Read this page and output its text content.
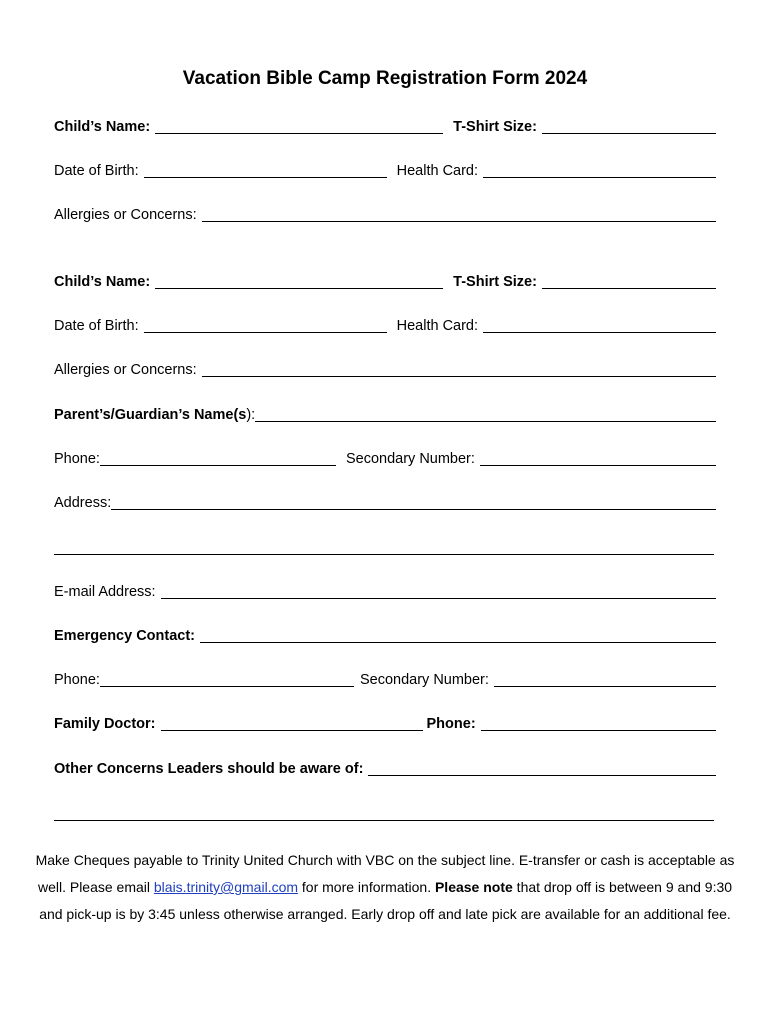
Vacation Bible Camp Registration Form 2024
Child’s Name:	T-Shirt Size:
Date of Birth:	Health Card:
Allergies or Concerns:
Child’s Name:	T-Shirt Size:
Date of Birth:	Health Card:
Allergies or Concerns:
Parent’s/Guardian’s Name(s):
Phone:	Secondary Number:
Address:
E-mail Address:
Emergency Contact:
Phone:	Secondary Number:
Family Doctor:	Phone:
Other Concerns Leaders should be aware of:
Make Cheques payable to Trinity United Church with VBC on the subject line. E-transfer or cash is acceptable as well. Please email blais.trinity@gmail.com for more information. Please note that drop off is between 9 and 9:30 and pick-up is by 3:45 unless otherwise arranged. Early drop off and late pick are available for an additional fee.
